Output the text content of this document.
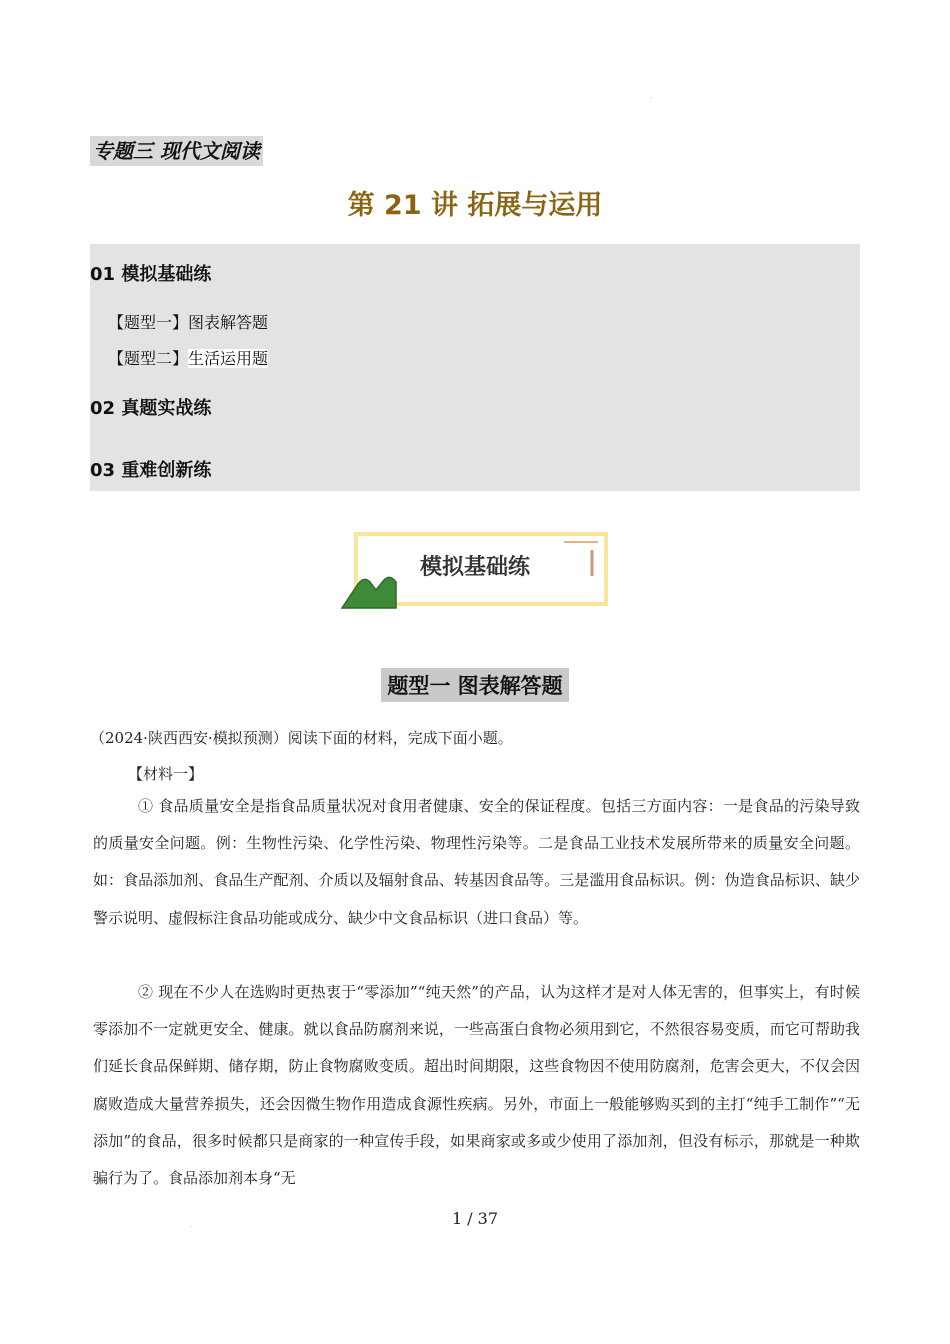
·
专题三 现代文阅读
第 21 讲 拓展与运用
01 模拟基础练
【题型一】图表解答题
【题型二】生活运用题
02 真题实战练
03 重难创新练
模拟基础练
题型一 图表解答题
（2024·陕西西安·模拟预测）阅读下面的材料，完成下面小题。
【材料一】

① 食品质量安全是指食品质量状况对食用者健康、安全的保证程度。包括三方面内容：一是食品的污染导致的质量安全问题。例：生物性污染、化学性污染、物理性污染等。二是食品工业技术发展所带来的质量安全问题。如：食品添加剂、食品生产配剂、介质以及辐射食品、转基因食品等。三是滥用食品标识。例：伪造食品标识、缺少警示说明、虚假标注食品功能或成分、缺少中文食品标识（进口食品）等。

② 现在不少人在选购时更热衷于“零添加”“纯天然”的产品，认为这样才是对人体无害的，但事实上，有时候零添加不一定就更安全、健康。就以食品防腐剂来说，一些高蛋白食物必须用到它，不然很容易变质，而它可帮助我们延长食品保鲜期、储存期，防止食物腐败变质。超出时间期限，这些食物因不使用防腐剂，危害会更大，不仅会因腐败造成大量营养损失，还会因微生物作用造成食源性疾病。另外，市面上一般能够购买到的主打“纯手工制作”“无添加”的食品，很多时候都只是商家的一种宣传手段，如果商家或多或少使用了添加剂，但没有标示，那就是一种欺骗行为了。食品添加剂本身“无

1 / 37
·
